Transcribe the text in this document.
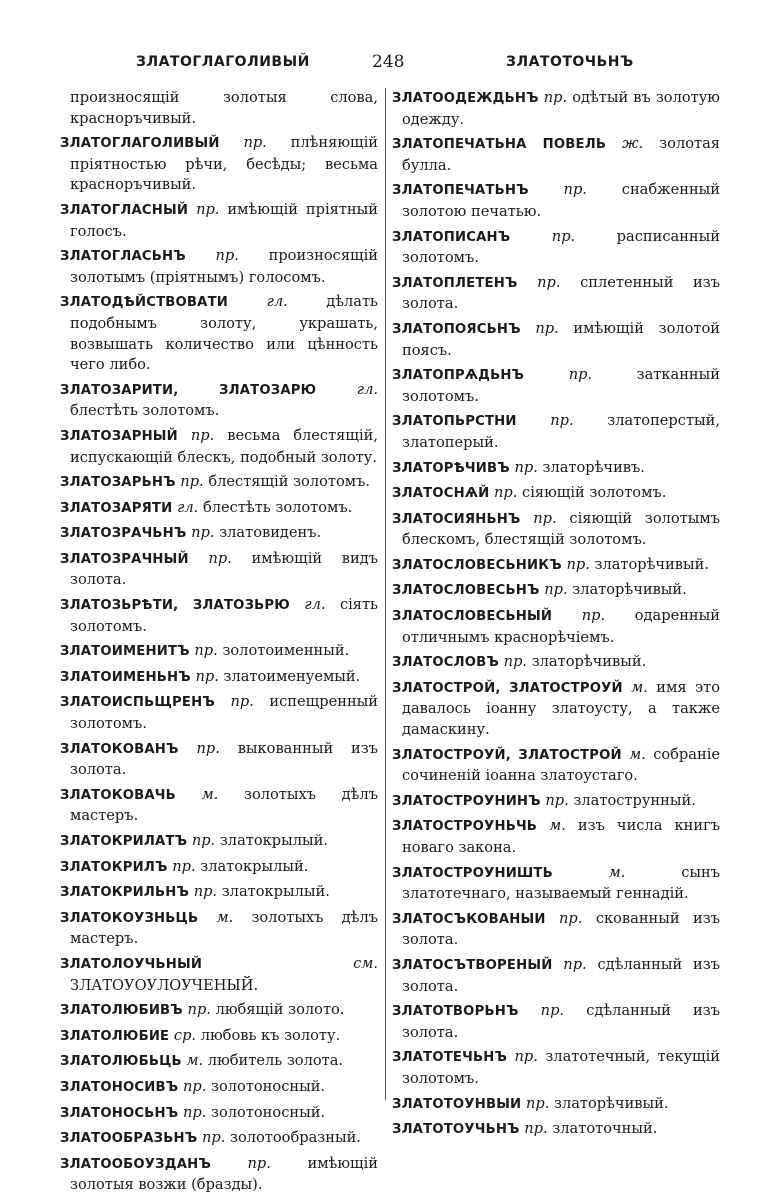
ЗЛАТОГЛАГОЛИВЫЙ	248	ЗЛАТОТОЧЬНЪ

произносящій золотыя слова, красноръчивый.

ЗЛАТОГЛАГОЛИВЫЙ пр. плѣняющій пріятностью рѣчи, бесѣды; весьма красноръчивый.

ЗЛАТОГЛАСНЫЙ пр. имѣющій пріятный голосъ.

ЗЛАТОГЛАСЬНЪ пр. произносящій золотымъ (пріятнымъ) голосомъ.

ЗЛАТОДѢЙСТВОВАТИ	гл.	дѣлать подобнымъ золоту, украшать, возвышать количество или цѣнность чего либо.

ЗЛАТОЗАРИТИ, ЗЛАТОЗАРЮ	гл. блестѣть золотомъ.

ЗЛАТОЗАРНЫЙ пр. весьма блестящій, испускающій блескъ, подобный золоту.

ЗЛАТОЗАРЬНЪ пр. блестящій золотомъ.

ЗЛАТОЗАРЯТИ гл. блестѣть золотомъ.

ЗЛАТОЗРАЧЬНЪ пр. златовиденъ.

ЗЛАТОЗРАЧНЫЙ пр. имѣющій видъ золота.

ЗЛАТОЗЬРѢТИ, ЗЛАТОЗЬРЮ гл. сіять золотомъ.

ЗЛАТОИМЕНИТЪ пр. золотоименный.

ЗЛАТОИМЕНЬНЪ пр. златоименуемый.

ЗЛАТОИСПЬЩРЕНЪ пр. испещренный золотомъ.

ЗЛАТОКОВАНЪ пр. выкованный изъ золота.

ЗЛАТОКОВАЧЬ м. золотыхъ дѣлъ мастеръ.

ЗЛАТОКРИЛАТЪ пр. златокрылый.

ЗЛАТОКРИЛЪ пр. златокрылый.

ЗЛАТОКРИЛЬНЪ пр. златокрылый.

ЗЛАТОКОУЗНЬЦЬ м. золотыхъ дѣлъ мастеръ.

ЗЛАТОЛОУЧЬНЫЙ	см. ЗЛАТОУОУЛОУЧЕНЫЙ.

ЗЛАТОЛЮБИВЪ пр. любящій золото.

ЗЛАТОЛЮБИЕ ср. любовь къ золоту.

ЗЛАТОЛЮБЬЦЬ м. любитель золота.

ЗЛАТОНОСИВЪ пр. золотоносный.

ЗЛАТОНОСЬНЪ пр. золотоносный.

ЗЛАТООБРАЗЬНЪ пр. золотообразный.

ЗЛАТООБОУЗДАНЪ	пр.	имѣющій золотыя возжи (бразды).

ЗЛАТООДЕЖДЬНЪ пр. одѣтый въ золотую одежду.

ЗЛАТОПЕЧАТЬНА ПОВЕЛЬ ж. золотая булла.

ЗЛАТОПЕЧАТЬНЪ пр. снабженный золотою печатью.

ЗЛАТОПИСАНЪ	пр.	расписанный золотомъ.

ЗЛАТОПЛЕТЕНЪ пр. сплетенный изъ золота.

ЗЛАТОПОЯСЬНЪ пр. имѣющій золотой поясъ.

ЗЛАТОПРѦДЬНЪ	пр.	затканный золотомъ.

ЗЛАТОПЬРСТНИ пр. златоперстый, златоперый.

ЗЛАТОРѢЧИВЪ пр. златорѣчивъ.

ЗЛАТОСНѦЙ пр. сіяющій золотомъ.

ЗЛАТОСИЯНЬНЪ пр. сіяющій золотымъ блескомъ, блестящій золотомъ.

ЗЛАТОСЛОВЕСЬНИКЪ пр. златорѣчивый.

ЗЛАТОСЛОВЕСЬНЪ пр. златорѣчивый.

ЗЛАТОСЛОВЕСЬНЫЙ пр. одаренный отличнымъ краснорѣчіемъ.

ЗЛАТОСЛОВЪ пр. златорѣчивый.

ЗЛАТОСТРОЙ, ЗЛАТОСТРОУЙ м. имя это давалось іоанну златоусту, а также дамаскину.

ЗЛАТОСТРОУЙ, ЗЛАТОСТРОЙ м. собраніе сочиненій іоанна златоустаго.

ЗЛАТОСТРОУНИНЪ пр. златострунный.

ЗЛАТОСТРОУНЬЧЬ м. изъ числа книгъ новаго закона.

ЗЛАТОСТРОУНИШТЬ	м.	сынъ златотечнаго, называемый геннадій.

ЗЛАТОСЪКОВАНЫИ пр. скованный изъ золота.

ЗЛАТОСЪТВОРЕНЫЙ пр. сдѣланный изъ золота.

ЗЛАТОТВОРЬНЪ пр. сдѣланный изъ золота.

ЗЛАТОТЕЧЬНЪ пр. златотечный, текущій золотомъ.

ЗЛАТОТОУНВЫИ пр. златорѣчивый.

ЗЛАТОТОУЧЬНЪ пр. златоточный.
